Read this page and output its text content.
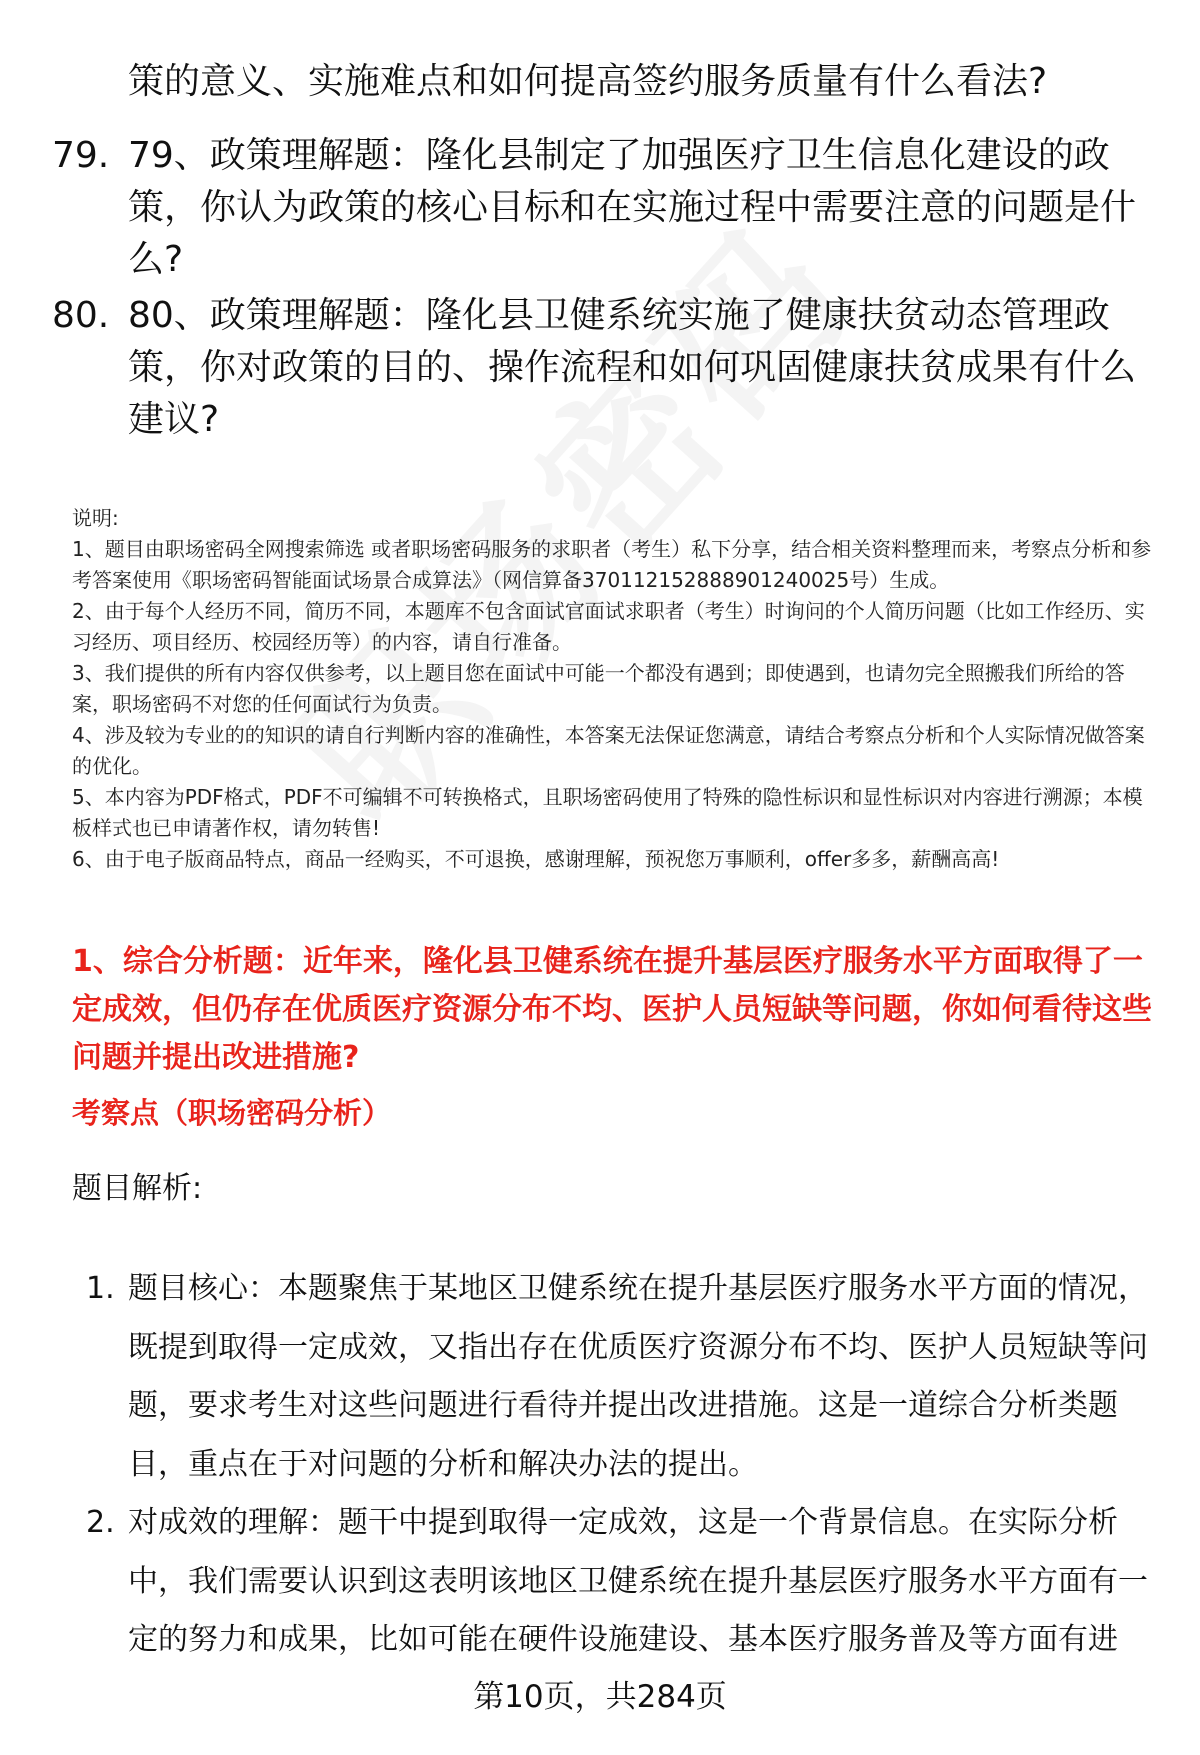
策的意义、实施难点和如何提高签约服务质量有什么看法?
79. 79、政策理解题：隆化县制定了加强医疗卫生信息化建设的政策，你认为政策的核心目标和在实施过程中需要注意的问题是什么?
80. 80、政策理解题：隆化县卫健系统实施了健康扶贫动态管理政策，你对政策的目的、操作流程和如何巩固健康扶贫成果有什么建议?
说明:
1、题目由职场密码全网搜索筛选 或者职场密码服务的求职者（考生）私下分享，结合相关资料整理而来，考察点分析和参考答案使用《职场密码智能面试场景合成算法》（网信算备370112152888901240025号）生成。
2、由于每个人经历不同，简历不同，本题库不包含面试官面试求职者（考生）时询问的个人简历问题（比如工作经历、实习经历、项目经历、校园经历等）的内容，请自行准备。
3、我们提供的所有内容仅供参考，以上题目您在面试中可能一个都没有遇到；即使遇到，也请勿完全照搬我们所给的答案，职场密码不对您的任何面试行为负责。
4、涉及较为专业的的知识的请自行判断内容的准确性，本答案无法保证您满意，请结合考察点分析和个人实际情况做答案的优化。
5、本内容为PDF格式，PDF不可编辑不可转换格式，且职场密码使用了特殊的隐性标识和显性标识对内容进行溯源；本模板样式也已申请著作权，请勿转售!
6、由于电子版商品特点，商品一经购买，不可退换，感谢理解，预祝您万事顺利，offer多多，薪酬高高!
1、综合分析题：近年来，隆化县卫健系统在提升基层医疗服务水平方面取得了一定成效，但仍存在优质医疗资源分布不均、医护人员短缺等问题，你如何看待这些问题并提出改进措施?
考察点（职场密码分析）
题目解析:
1. 题目核心：本题聚焦于某地区卫健系统在提升基层医疗服务水平方面的情况，既提到取得一定成效，又指出存在优质医疗资源分布不均、医护人员短缺等问题，要求考生对这些问题进行看待并提出改进措施。这是一道综合分析类题目，重点在于对问题的分析和解决办法的提出。
2. 对成效的理解：题干中提到取得一定成效，这是一个背景信息。在实际分析中，我们需要认识到这表明该地区卫健系统在提升基层医疗服务水平方面有一定的努力和成果，比如可能在硬件设施建设、基本医疗服务普及等方面有进
第10页，共284页
